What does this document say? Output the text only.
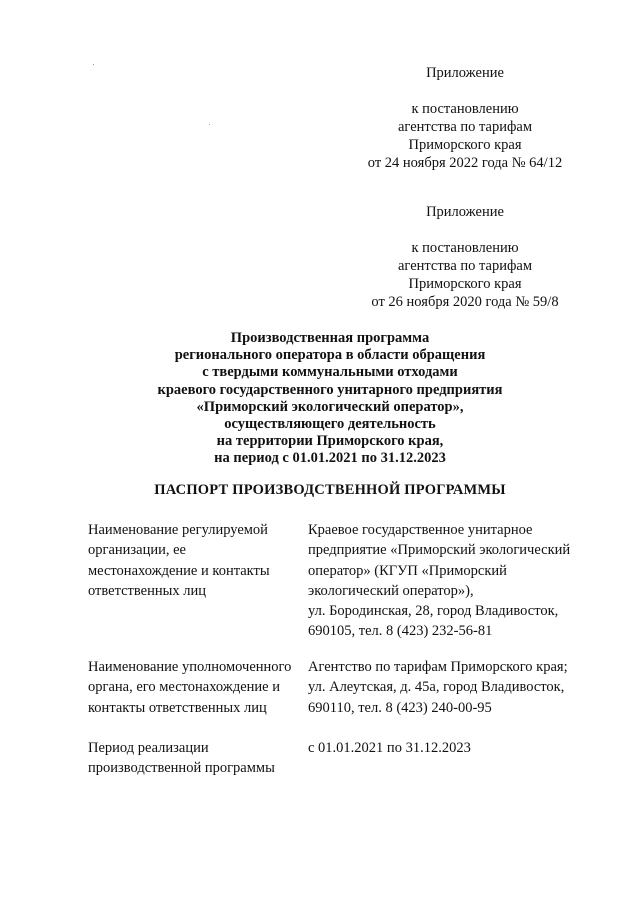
Приложение
к постановлению
агентства по тарифам
Приморского края
от 24 ноября 2022 года № 64/12
Приложение
к постановлению
агентства по тарифам
Приморского края
от 26 ноября 2020 года № 59/8
Производственная программа
регионального оператора в области обращения
с твердыми коммунальными отходами
краевого государственного унитарного предприятия
«Приморский экологический оператор»,
осуществляющего деятельность
на территории Приморского края,
на период с 01.01.2021 по 31.12.2023
ПАСПОРТ ПРОИЗВОДСТВЕННОЙ ПРОГРАММЫ
Наименование регулируемой
организации, ее
местонахождение и контакты
ответственных лиц
Краевое государственное унитарное
предприятие «Приморский экологический
оператор» (КГУП «Приморский
экологический оператор»),
ул. Бородинская, 28, город Владивосток,
690105, тел. 8 (423) 232-56-81
Наименование уполномоченного
органа, его местонахождение и
контакты ответственных лиц
Агентство по тарифам Приморского края;
ул. Алеутская, д. 45а, город Владивосток,
690110, тел. 8 (423) 240-00-95
Период реализации
производственной программы
с 01.01.2021 по 31.12.2023
